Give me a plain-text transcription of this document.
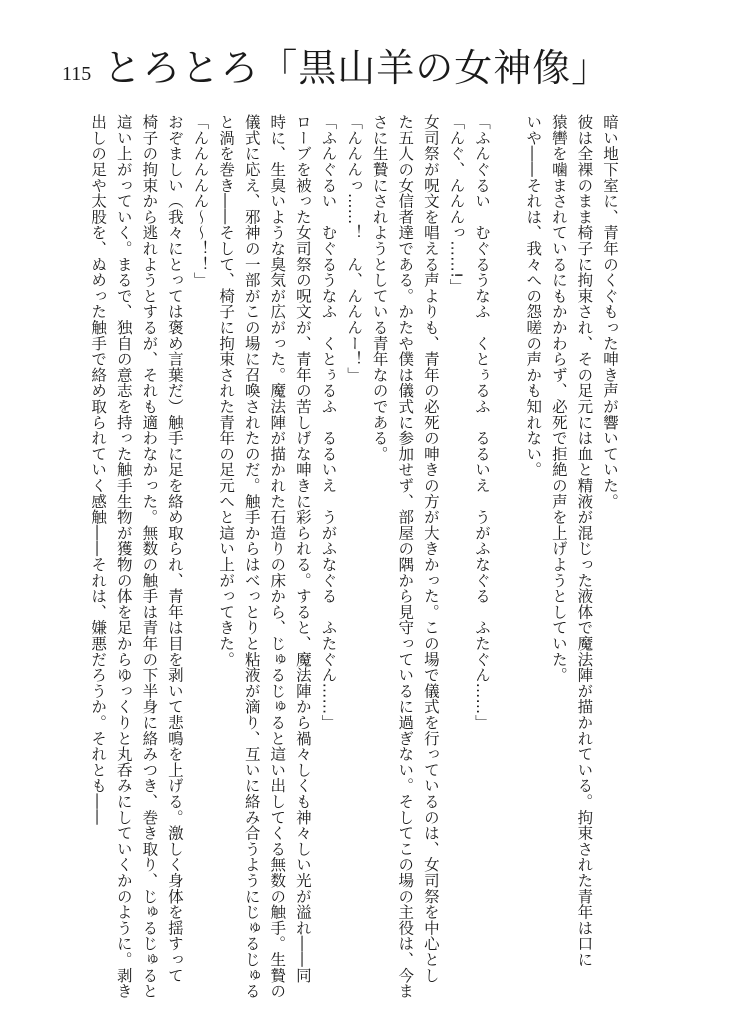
115 とろとろ「黒山羊の女神像」
暗い地下室に、青年のくぐもった呻き声が響いていた。
彼は全裸のまま椅子に拘束され、その足元には血と精液が混じった液体で魔法陣が描かれている。拘束された青年は口に
猿轡を噛まされているにもかかわらず、必死で拒絶の声を上げようとしていた。
いや――それは、我々への怨嗟の声かも知れない。
「ふんぐるい　むぐるうなふ　くとぅるふ　るるいえ　うがふなぐる　ふたぐん……」
「んぐ、んんんっ……!」
女司祭が呪文を唱える声よりも、青年の必死の呻きの方が大きかった。この場で儀式を行っているのは、女司祭を中心とし
た五人の女信者達である。かたや僕は儀式に参加せず、部屋の隅から見守っているに過ぎない。そしてこの場の主役は、今ま
さに生贄にされようとしている青年なのである。
「んんんっ……！　ん、んんんー！」
「ふんぐるい　むぐるうなふ　くとぅるふ　るるいえ　うがふなぐる　ふたぐん……」
ローブを被った女司祭の呪文が、青年の苦しげな呻きに彩られる。すると、魔法陣から禍々しくも神々しい光が溢れ――同
時に、生臭いような臭気が広がった。魔法陣が描かれた石造りの床から、じゅるじゅると這い出してくる無数の触手。生贄の
儀式に応え、邪神の一部がこの場に召喚されたのだ。触手からはべっとりと粘液が滴り、互いに絡み合うようにじゅるじゅる
と渦を巻き――そして、椅子に拘束された青年の足元へと這い上がってきた。
「んんんんん〜〜！！」
おぞましい（我々にとっては褒め言葉だ）触手に足を絡め取られ、青年は目を剥いて悲鳴を上げる。激しく身体を揺すって
椅子の拘束から逃れようとするが、それも適わなかった。無数の触手は青年の下半身に絡みつき、巻き取り、じゅるじゅると
這い上がっていく。まるで、独自の意志を持った触手生物が獲物の体を足からゆっくりと丸呑みにしていくかのように。剥き
出しの足や太股を、ぬめった触手で絡め取られていく感触――それは、嫌悪だろうか。それとも――
